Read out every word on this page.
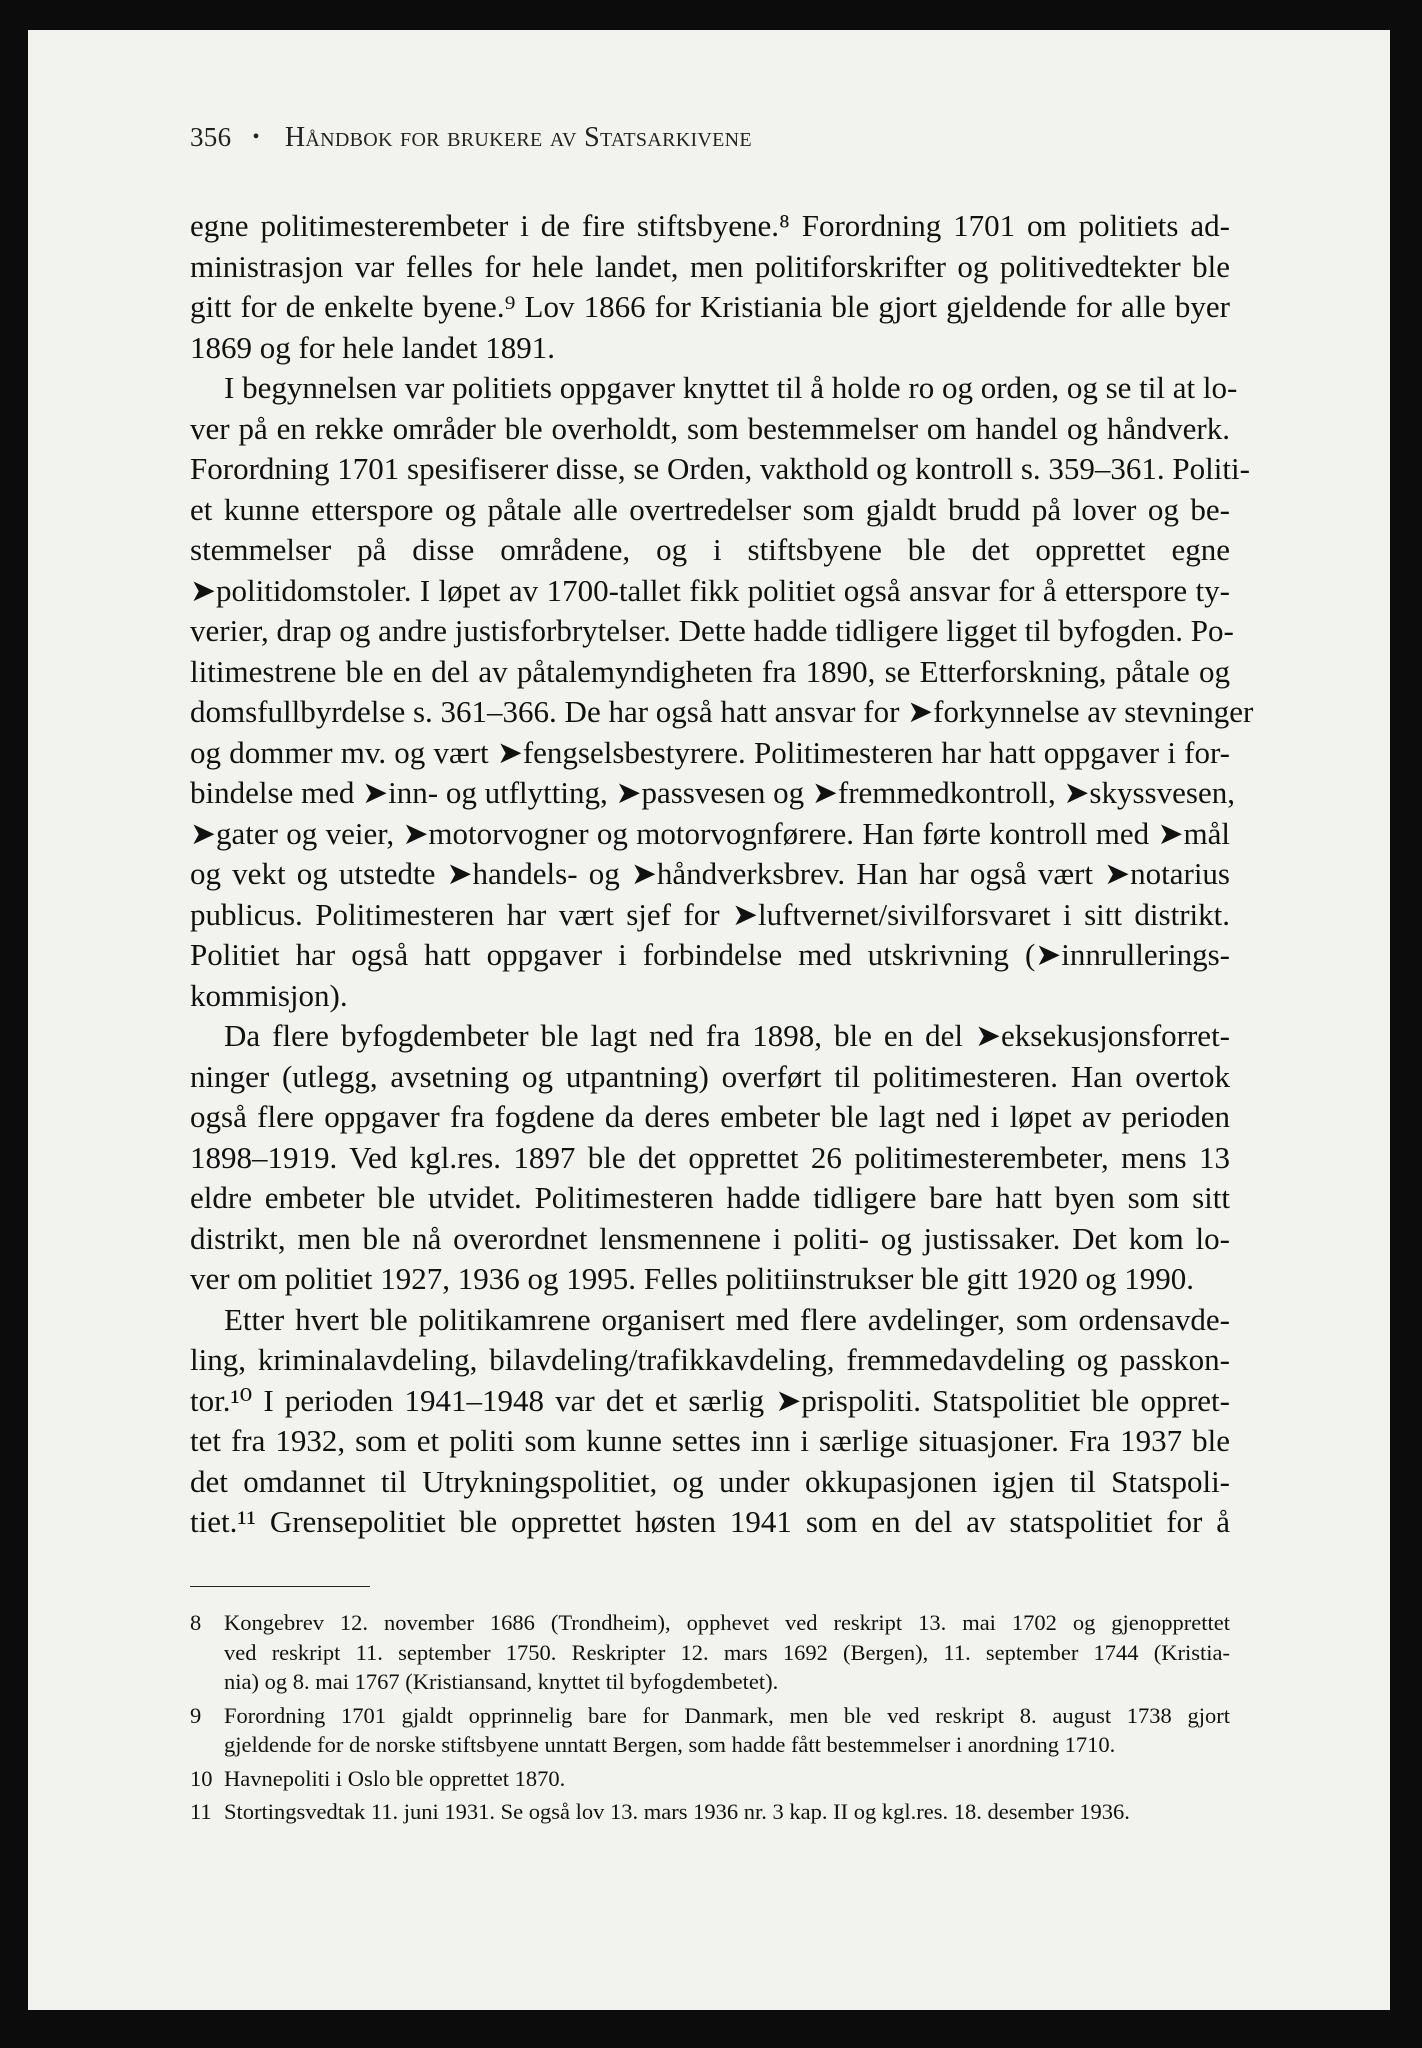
356 • Håndbok for brukere av Statsarkivene
egne politimesterembeter i de fire stiftsbyene.⁸ Forordning 1701 om politiets ad-
ministrasjon var felles for hele landet, men politiforskrifter og politivedtekter ble
gitt for de enkelte byene.⁹ Lov 1866 for Kristiania ble gjort gjeldende for alle byer
1869 og for hele landet 1891.
I begynnelsen var politiets oppgaver knyttet til å holde ro og orden, og se til at lo-
ver på en rekke områder ble overholdt, som bestemmelser om handel og håndverk.
Forordning 1701 spesifiserer disse, se Orden, vakthold og kontroll s. 359–361. Politi-
et kunne etterspore og påtale alle overtredelser som gjaldt brudd på lover og be-
stemmelser på disse områdene, og i stiftsbyene ble det opprettet egne
➤politidomstoler. I løpet av 1700-tallet fikk politiet også ansvar for å etterspore ty-
verier, drap og andre justisforbrytelser. Dette hadde tidligere ligget til byfogden. Po-
litimestrene ble en del av påtalemyndigheten fra 1890, se Etterforskning, påtale og
domsfullbyrdelse s. 361–366. De har også hatt ansvar for ➤forkynnelse av stevninger
og dommer mv. og vært ➤fengselsbestyrere. Politimesteren har hatt oppgaver i for-
bindelse med ➤inn- og utflytting, ➤passvesen og ➤fremmedkontroll, ➤skyssvesen,
➤gater og veier, ➤motorvogner og motorvognførere. Han førte kontroll med ➤mål
og vekt og utstedte ➤handels- og ➤håndverksbrev. Han har også vært ➤notarius
publicus. Politimesteren har vært sjef for ➤luftvernet/sivilforsvaret i sitt distrikt.
Politiet har også hatt oppgaver i forbindelse med utskrivning (➤innrullerings-
kommisjon).
Da flere byfogdembeter ble lagt ned fra 1898, ble en del ➤eksekusjonsforret-
ninger (utlegg, avsetning og utpantning) overført til politimesteren. Han overtok
også flere oppgaver fra fogdene da deres embeter ble lagt ned i løpet av perioden
1898–1919. Ved kgl.res. 1897 ble det opprettet 26 politimesterembeter, mens 13
eldre embeter ble utvidet. Politimesteren hadde tidligere bare hatt byen som sitt
distrikt, men ble nå overordnet lensmennene i politi- og justissaker. Det kom lo-
ver om politiet 1927, 1936 og 1995. Felles politiinstrukser ble gitt 1920 og 1990.
Etter hvert ble politikamrene organisert med flere avdelinger, som ordensavde-
ling, kriminalavdeling, bilavdeling/trafikkavdeling, fremmedavdeling og passkon-
tor.¹⁰ I perioden 1941–1948 var det et særlig ➤prispoliti. Statspolitiet ble oppret-
tet fra 1932, som et politi som kunne settes inn i særlige situasjoner. Fra 1937 ble
det omdannet til Utrykningspolitiet, og under okkupasjonen igjen til Statspoli-
tiet.¹¹ Grensepolitiet ble opprettet høsten 1941 som en del av statspolitiet for å
8 Kongebrev 12. november 1686 (Trondheim), opphevet ved reskript 13. mai 1702 og gjenopprettet
ved reskript 11. september 1750. Reskripter 12. mars 1692 (Bergen), 11. september 1744 (Kristia-
nia) og 8. mai 1767 (Kristiansand, knyttet til byfogdembetet).
9 Forordning 1701 gjaldt opprinnelig bare for Danmark, men ble ved reskript 8. august 1738 gjort
gjeldende for de norske stiftsbyene unntatt Bergen, som hadde fått bestemmelser i anordning 1710.
10 Havnepoliti i Oslo ble opprettet 1870.
11 Stortingsvedtak 11. juni 1931. Se også lov 13. mars 1936 nr. 3 kap. II og kgl.res. 18. desember 1936.
